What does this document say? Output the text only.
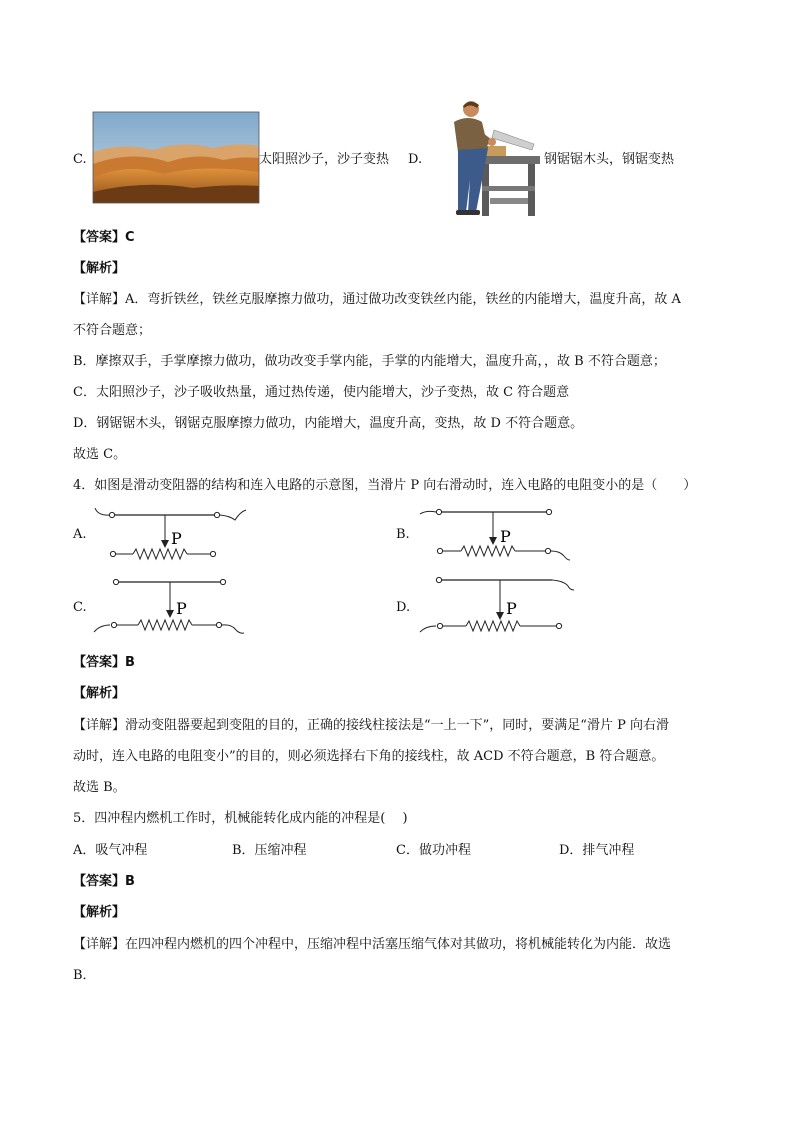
C.	太阳照沙子，沙子变热 D.	钢锯锯木头，钢锯变热
【答案】C
【解析】
【详解】A．弯折铁丝，铁丝克服摩擦力做功，通过做功改变铁丝内能，铁丝的内能增大，温度升高，故 A
不符合题意；
B．摩擦双手，手掌摩擦力做功，做功改变手掌内能，手掌的内能增大，温度升高，，故 B 不符合题意；
C．太阳照沙子，沙子吸收热量，通过热传递，使内能增大，沙子变热，故 C 符合题意
D．钢锯锯木头，钢锯克服摩擦力做功，内能增大，温度升高，变热，故 D 不符合题意。
故选 C。
4．如图是滑动变阻器的结构和连入电路的示意图，当滑片 P 向右滑动时，连入电路的电阻变小的是（　　）
A.	P	B.	P
C.	P	D.	P
【答案】B
【解析】
【详解】滑动变阻器要起到变阻的目的，正确的接线柱接法是“一上一下”，同时，要满足“滑片 P 向右滑
动时，连入电路的电阻变小”的目的，则必须选择右下角的接线柱，故 ACD 不符合题意，B 符合题意。
故选 B。
5．四冲程内燃机工作时，机械能转化成内能的冲程是(　 )
A．吸气冲程	B．压缩冲程	C．做功冲程	D．排气冲程
【答案】B
【解析】
【详解】在四冲程内燃机的四个冲程中，压缩冲程中活塞压缩气体对其做功，将机械能转化为内能．故选
B．
